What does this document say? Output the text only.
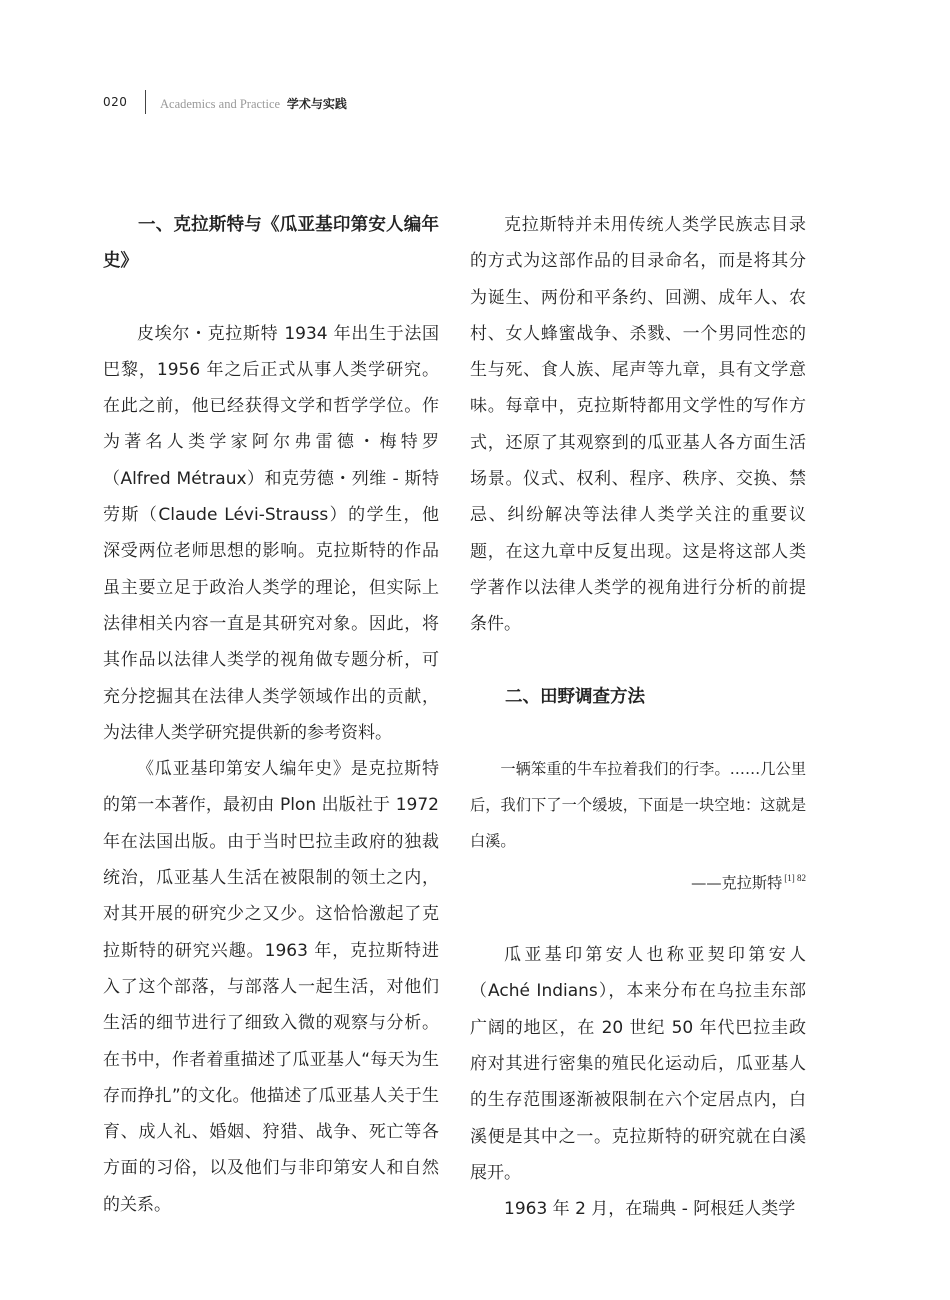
020	Academics and Practice 学术与实践
一、克拉斯特与《瓜亚基印第安人编年史》

皮埃尔・克拉斯特 1934 年出生于法国巴黎，1956 年之后正式从事人类学研究。在此之前，他已经获得文学和哲学学位。作为著名人类学家阿尔弗雷德・梅特罗（Alfred Métraux）和克劳德・列维 - 斯特劳斯（Claude Lévi-Strauss）的学生，他深受两位老师思想的影响。克拉斯特的作品虽主要立足于政治人类学的理论，但实际上法律相关内容一直是其研究对象。因此，将其作品以法律人类学的视角做专题分析，可充分挖掘其在法律人类学领域作出的贡献，为法律人类学研究提供新的参考资料。

《瓜亚基印第安人编年史》是克拉斯特的第一本著作，最初由 Plon 出版社于 1972 年在法国出版。由于当时巴拉圭政府的独裁统治，瓜亚基人生活在被限制的领土之内，对其开展的研究少之又少。这恰恰激起了克拉斯特的研究兴趣。1963 年，克拉斯特进入了这个部落，与部落人一起生活，对他们生活的细节进行了细致入微的观察与分析。在书中，作者着重描述了瓜亚基人“每天为生存而挣扎”的文化。他描述了瓜亚基人关于生育、成人礼、婚姻、狩猎、战争、死亡等各方面的习俗，以及他们与非印第安人和自然的关系。

克拉斯特并未用传统人类学民族志目录的方式为这部作品的目录命名，而是将其分为诞生、两份和平条约、回溯、成年人、农村、女人蜂蜜战争、杀戮、一个男同性恋的生与死、食人族、尾声等九章，具有文学意味。每章中，克拉斯特都用文学性的写作方式，还原了其观察到的瓜亚基人各方面生活场景。仪式、权利、程序、秩序、交换、禁忌、纠纷解决等法律人类学关注的重要议题，在这九章中反复出现。这是将这部人类学著作以法律人类学的视角进行分析的前提条件。

二、田野调查方法
一辆笨重的牛车拉着我们的行李。……几公里后，我们下了一个缓坡，下面是一块空地：这就是白溪。
——克拉斯特 $^{[1] 82}$

瓜亚基印第安人也称亚契印第安人（Aché Indians），本来分布在乌拉圭东部广阔的地区，在 20 世纪 50 年代巴拉圭政府对其进行密集的殖民化运动后，瓜亚基人的生存范围逐渐被限制在六个定居点内，白溪便是其中之一。克拉斯特的研究就在白溪展开。

1963 年 2 月，在瑞典 - 阿根廷人类学
